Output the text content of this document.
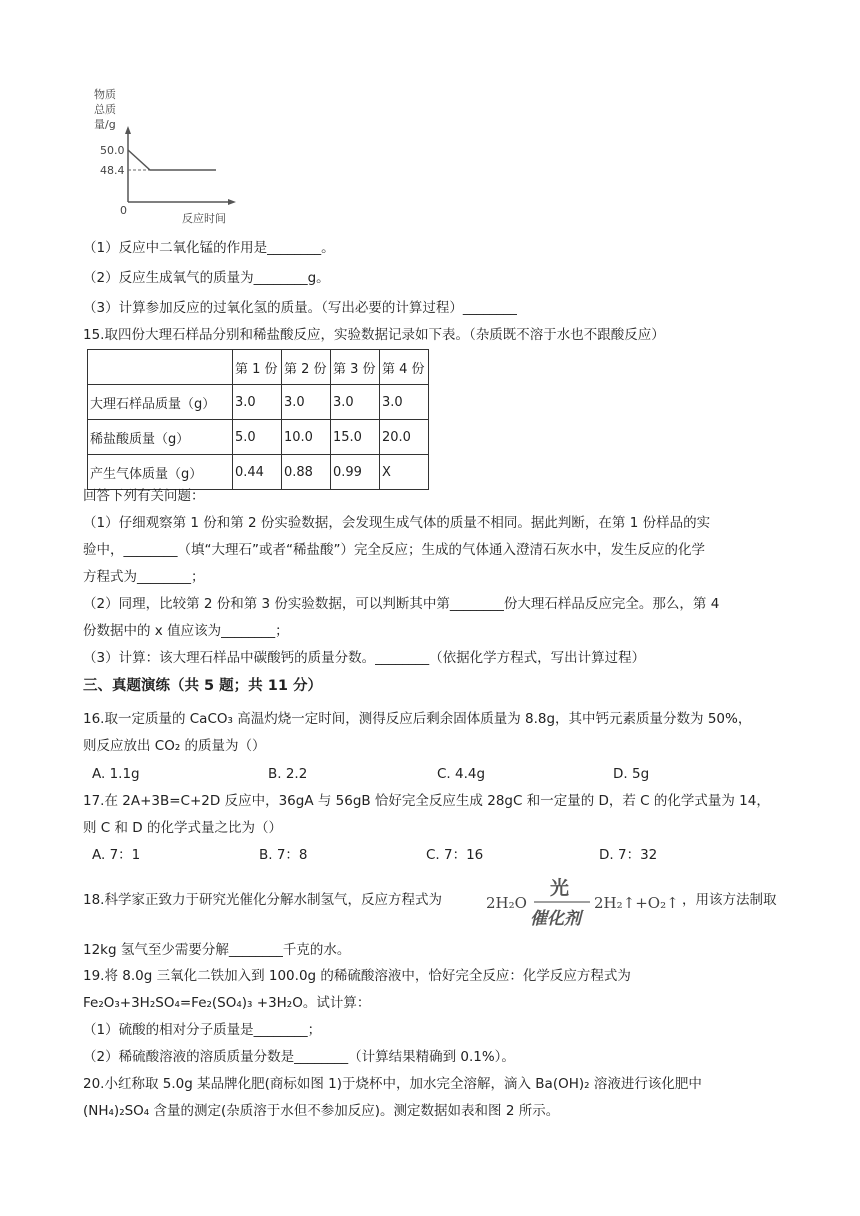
物质
总质
量/g
50.0
48.4
0
反应时间
（1）反应中二氧化锰的作用是________。
（2）反应生成氧气的质量为________g。
（3）计算参加反应的过氧化氢的质量。（写出必要的计算过程）________
15.取四份大理石样品分别和稀盐酸反应，实验数据记录如下表。（杂质既不溶于水也不跟酸反应）
	第 1 份	第 2 份	第 3 份	第 4 份
大理石样品质量（g）	3.0	3.0	3.0	3.0
稀盐酸质量（g）	5.0	10.0	15.0	20.0
产生气体质量（g）	0.44	0.88	0.99	X
回答下列有关问题：
（1）仔细观察第 1 份和第 2 份实验数据，会发现生成气体的质量不相同。据此判断，在第 1 份样品的实
验中，________（填“大理石”或者“稀盐酸”）完全反应；生成的气体通入澄清石灰水中，发生反应的化学
方程式为________；
（2）同理，比较第 2 份和第 3 份实验数据，可以判断其中第________份大理石样品反应完全。那么，第 4
份数据中的 x 值应该为________；
（3）计算：该大理石样品中碳酸钙的质量分数。________（依据化学方程式，写出计算过程）
三、真题演练（共 5 题；共 11 分）
16.取一定质量的 CaCO₃ 高温灼烧一定时间，测得反应后剩余固体质量为 8.8g，其中钙元素质量分数为 50%，
则反应放出 CO₂ 的质量为（）
A. 1.1g	B. 2.2	C. 4.4g	D. 5g
17.在 2A+3B=C+2D 反应中，36gA 与 56gB 恰好完全反应生成 28gC 和一定量的 D，若 C 的化学式量为 14，
则 C 和 D 的化学式量之比为（）
A. 7：1	B. 7：8	C. 7：16	D. 7：32
18.科学家正致力于研究光催化分解水制氢气，反应方程式为	2H₂O
光
催化剂
2H₂↑+O₂↑ ，用该方法制取
12kg 氢气至少需要分解________千克的水。
19.将 8.0g 三氧化二铁加入到 100.0g 的稀硫酸溶液中，恰好完全反应：化学反应方程式为
Fe₂O₃+3H₂SO₄=Fe₂(SO₄)₃ +3H₂O。试计算：
（1）硫酸的相对分子质量是________；
（2）稀硫酸溶液的溶质质量分数是________（计算结果精确到 0.1%）。
20.小红称取 5.0g 某品牌化肥(商标如图 1)于烧杯中，加水完全溶解，滴入 Ba(OH)₂ 溶液进行该化肥中
(NH₄)₂SO₄ 含量的测定(杂质溶于水但不参加反应)。测定数据如表和图 2 所示。
